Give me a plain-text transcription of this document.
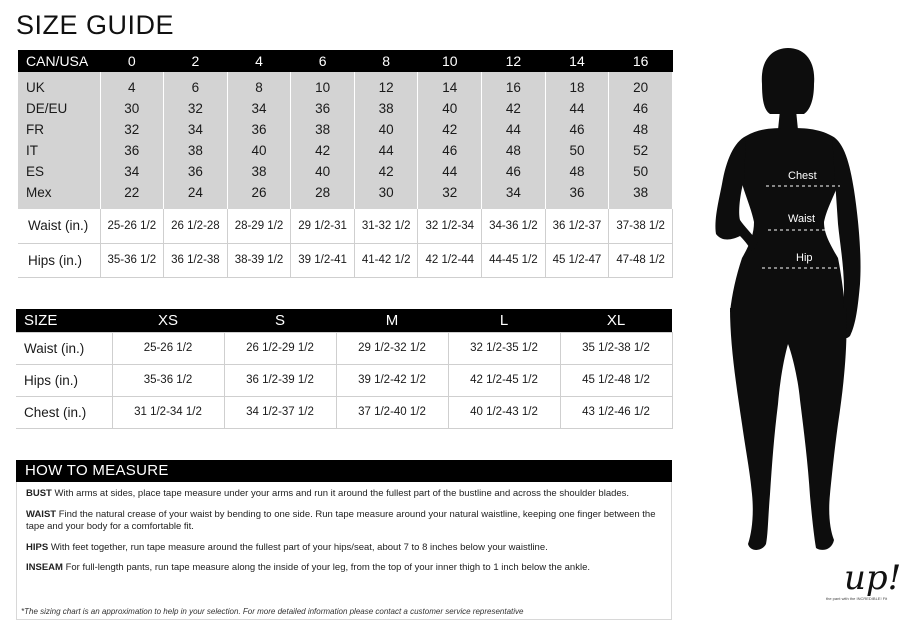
SIZE GUIDE
CAN/USA	0	2	4	6	8	10	12	14	16
UK	4	6	8	10	12	14	16	18	20
DE/EU	30	32	34	36	38	40	42	44	46
FR	32	34	36	38	40	42	44	46	48
IT	36	38	40	42	44	46	48	50	52
ES	34	36	38	40	42	44	46	48	50
Mex	22	24	26	28	30	32	34	36	38
Waist (in.)	25-26 1/2	26 1/2-28	28-29 1/2	29 1/2-31	31-32 1/2	32 1/2-34	34-36 1/2	36 1/2-37	37-38 1/2
Hips (in.)	35-36 1/2	36 1/2-38	38-39 1/2	39 1/2-41	41-42 1/2	42 1/2-44	44-45 1/2	45 1/2-47	47-48 1/2
SIZE	XS	S	M	L	XL
Waist (in.)	25-26 1/2	26 1/2-29 1/2	29 1/2-32 1/2	32 1/2-35 1/2	35 1/2-38 1/2
Hips (in.)	35-36 1/2	36 1/2-39 1/2	39 1/2-42 1/2	42 1/2-45 1/2	45 1/2-48 1/2
Chest (in.)	31 1/2-34 1/2	34 1/2-37 1/2	37 1/2-40 1/2	40 1/2-43 1/2	43 1/2-46 1/2
HOW TO MEASURE

BUST With arms at sides, place tape measure under your arms and run it around the fullest part of the bustline and across the shoulder blades.

WAIST Find the natural crease of your waist by bending to one side. Run tape measure around your natural waistline, keeping one finger between the tape and your body for a comfortable fit.

HIPS With feet together, run tape measure around the fullest part of your hips/seat, about 7 to 8 inches below your waistline.

INSEAM For full-length pants, run tape measure along the inside of your leg, from the top of your inner thigh to 1 inch below the ankle.

*The sizing chart is an approximation to help in your selection. For more detailed information please contact a customer service representative
Chest
Waist
Hip
up!
the pant with the INCREDIBLE! Fit
